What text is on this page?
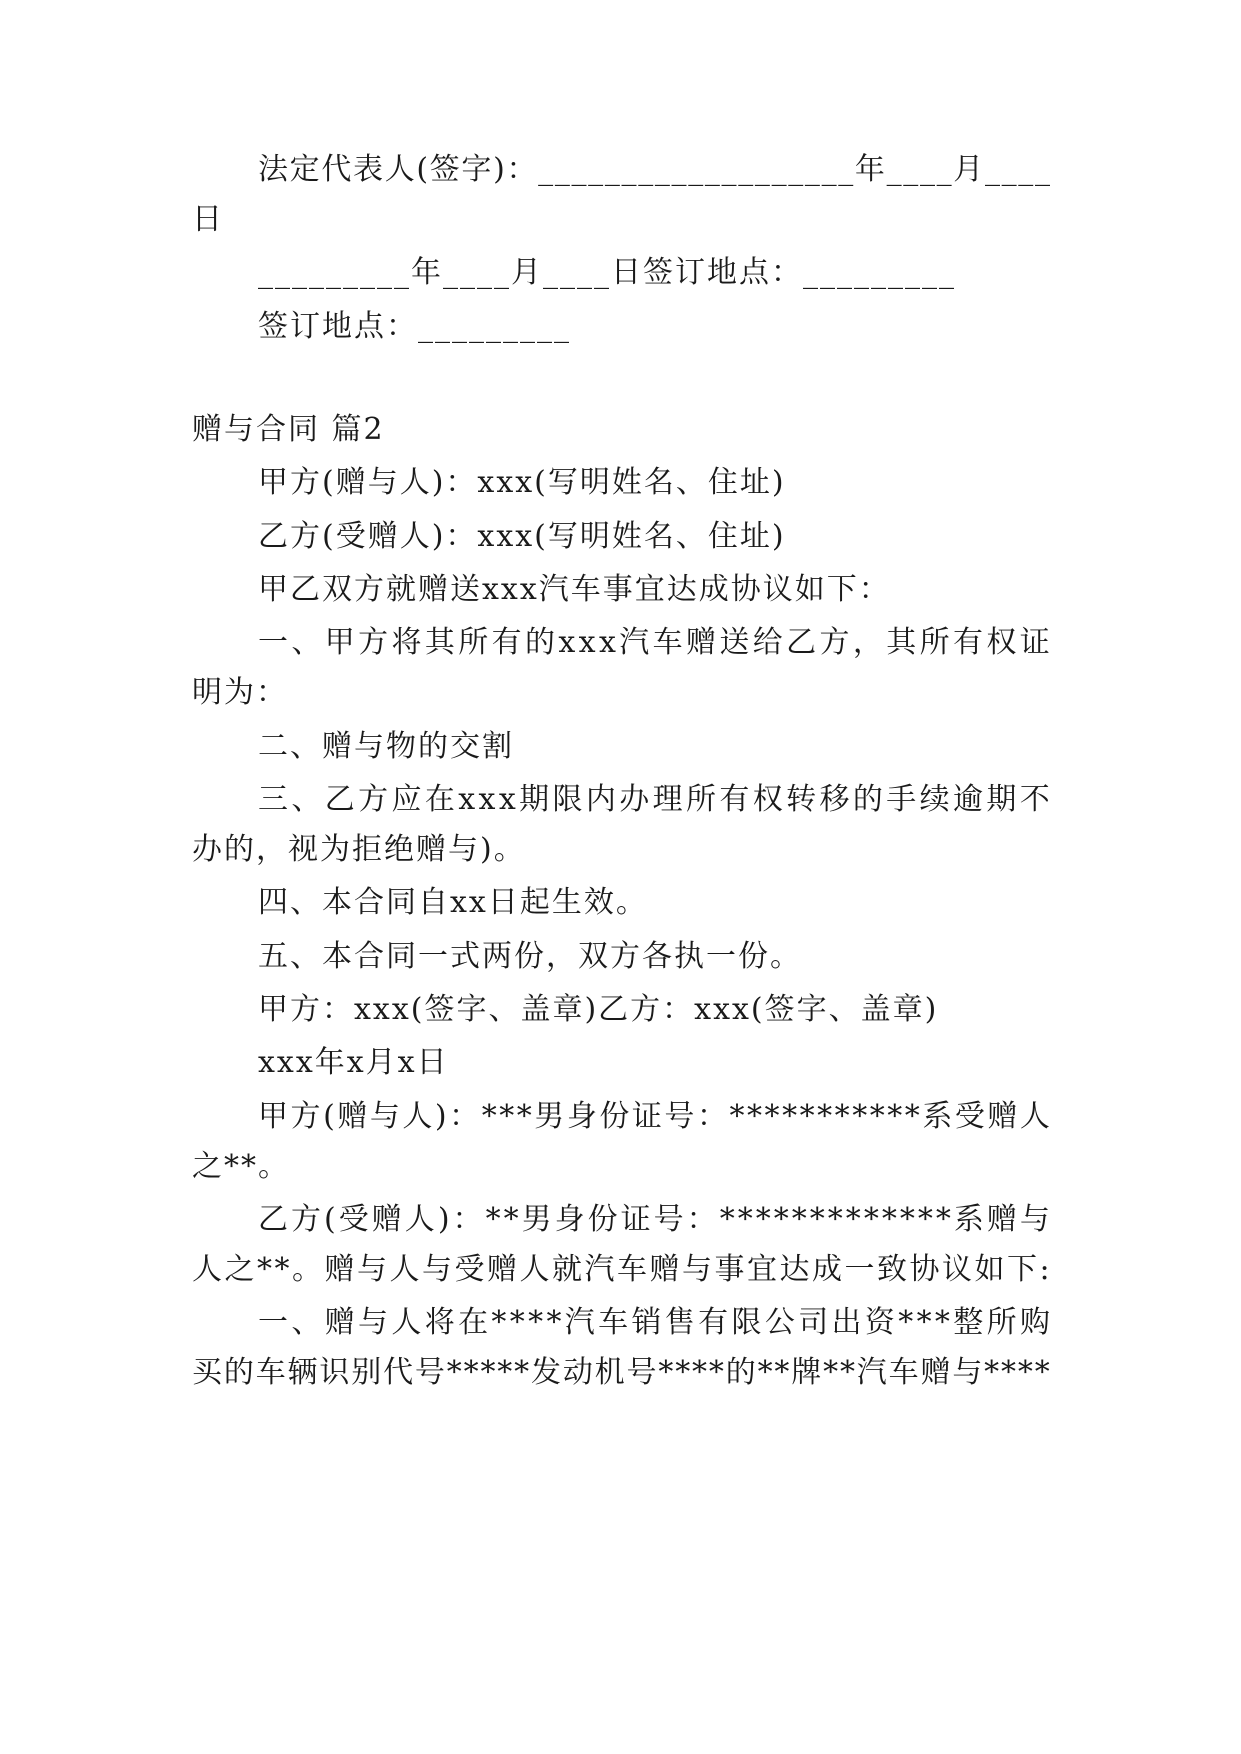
法 定 代 表 人 ( 签 字 ) ： _ _ _ _ _ _ _ _ _ _ _ _ _ _ _ _ _ _ _ 年 _ _ _ _ 月 _ _ _ _
日
_________年____月____日签订地点：_________
签订地点：_________
赠与合同 篇2
甲方(赠与人)：xxx(写明姓名、住址)
乙方(受赠人)：xxx(写明姓名、住址)
甲乙双方就赠送xxx汽车事宜达成协议如下：
一 、 甲 方 将 其 所 有 的 x x x 汽 车 赠 送 给 乙 方 ， 其 所 有 权 证
明为：
二、赠与物的交割
三 、 乙 方 应 在 x x x 期 限 内 办 理 所 有 权 转 移 的 手 续 逾 期 不
办的，视为拒绝赠与)。
四、本合同自xx日起生效。
五、本合同一式两份，双方各执一份。
甲方：xxx(签字、盖章)乙方：xxx(签字、盖章)
xxx年x月x日
甲 方 ( 赠 与 人 ) ： * * * 男 身 份 证 号 ： * * * * * * * * * * * 系 受 赠 人
之**。
乙 方 ( 受 赠 人 ) ： * * 男 身 份 证 号 ： * * * * * * * * * * * * * 系 赠 与
人 之 * * 。 赠 与 人 与 受 赠 人 就 汽 车 赠 与 事 宜 达 成 一 致 协 议 如 下 :
一 、 赠 与 人 将 在 * * * * 汽 车 销 售 有 限 公 司 出 资 * * * 整 所 购
买 的 车 辆 识 别 代 号 * * * * * 发 动 机 号 * * * * 的 * * 牌 * * 汽 车 赠 与 * * * *
